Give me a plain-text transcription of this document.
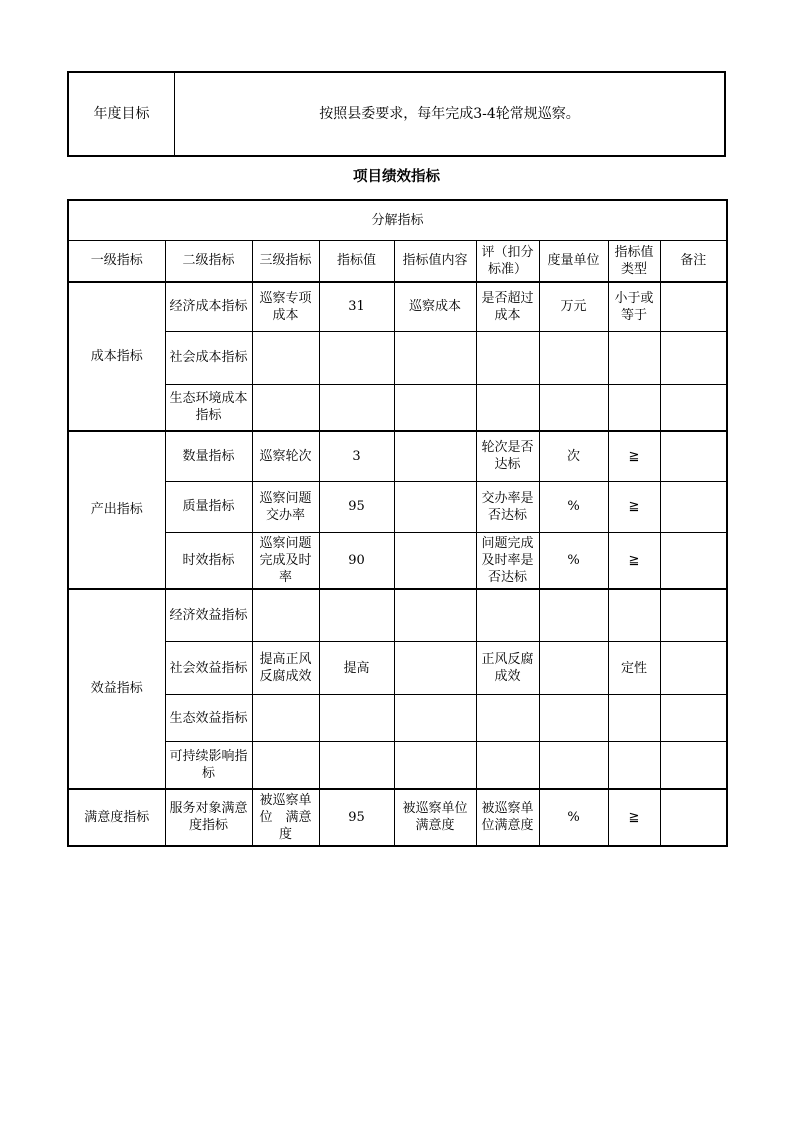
年度目标	按照县委要求，每年完成3-4轮常规巡察。
项目绩效指标
分解指标								
一级指标	二级指标	三级指标	指标值	指标值内容	评（扣分标准）	度量单位	指标值类型	备注
成本指标	经济成本指标	巡察专项成本	31	巡察成本	是否超过成本	万元	小于或等于	
	社会成本指标							
	生态环境成本指标							
产出指标	数量指标	巡察轮次	3		轮次是否达标	次	≧	
	质量指标	巡察问题交办率	95		交办率是否达标	%	≧	
	时效指标	巡察问题完成及时率	90		问题完成及时率是否达标	%	≧	
效益指标	经济效益指标							
	社会效益指标	提高正风反腐成效	提高		正风反腐成效		定性	
	生态效益指标							
	可持续影响指标							
满意度指标	服务对象满意度指标	被巡察单位　满意度	95	被巡察单位满意度	被巡察单位满意度	%	≧	
